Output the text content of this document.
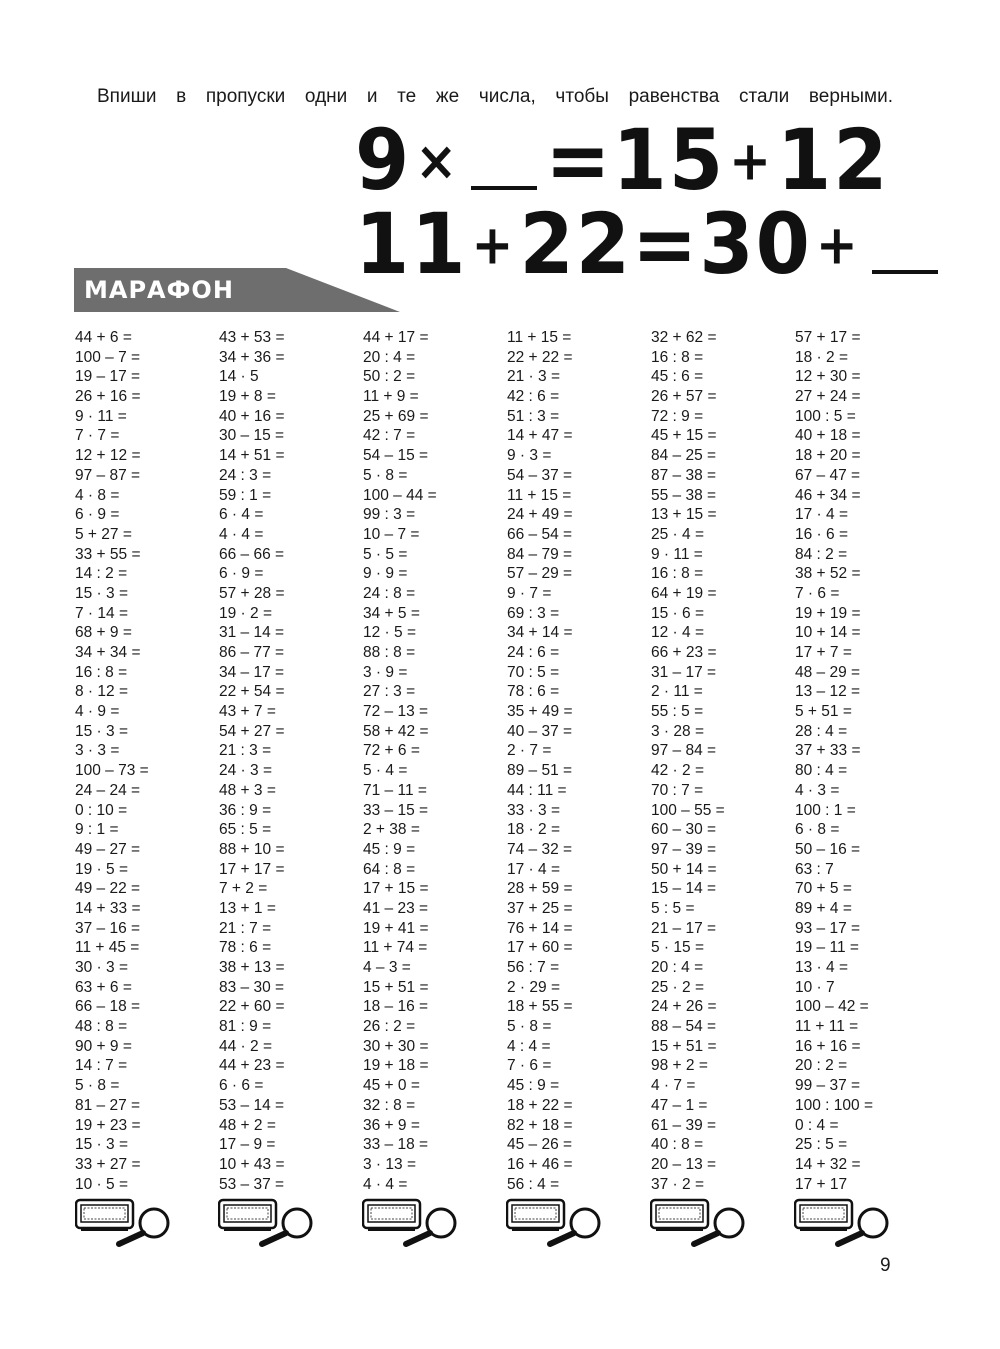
Впиши в пропуски одни и те же числа, чтобы равенства стали верными.
9 × = 15 + 12
11 + 22 = 30 +
МАРАФОН
44 + 6 =
100 – 7 =
19 – 17 =
26 + 16 =
9 · 11 =
7 · 7 =
12 + 12 =
97 – 87 =
4 · 8 =
6 · 9 =
5 + 27 =
33 + 55 =
14 : 2 =
15 · 3 =
7 · 14 =
68 + 9 =
34 + 34 =
16 : 8 =
8 · 12 =
4 · 9 =
15 · 3 =
3 · 3 =
100 – 73 =
24 – 24 =
0 : 10 =
9 : 1 =
49 – 27 =
19 · 5 =
49 – 22 =
14 + 33 =
37 – 16 =
11 + 45 =
30 · 3 =
63 + 6 =
66 – 18 =
48 : 8 =
90 + 9 =
14 : 7 =
5 · 8 =
81 – 27 =
19 + 23 =
15 · 3 =
33 + 27 =
10 · 5 =
43 + 53 =
34 + 36 =
14 · 5
19 + 8 =
40 + 16 =
30 – 15 =
14 + 51 =
24 : 3 =
59 : 1 =
6 · 4 =
4 · 4 =
66 – 66 =
6 · 9 =
57 + 28 =
19 · 2 =
31 – 14 =
86 – 77 =
34 – 17 =
22 + 54 =
43 + 7 =
54 + 27 =
21 : 3 =
24 · 3 =
48 + 3 =
36 : 9 =
65 : 5 =
88 + 10 =
17 + 17 =
7 + 2 =
13 + 1 =
21 : 7 =
78 : 6 =
38 + 13 =
83 – 30 =
22 + 60 =
81 : 9 =
44 · 2 =
44 + 23 =
6 · 6 =
53 – 14 =
48 + 2 =
17 – 9 =
10 + 43 =
53 – 37 =
44 + 17 =
20 : 4 =
50 : 2 =
11 + 9 =
25 + 69 =
42 : 7 =
54 – 15 =
5 · 8 =
100 – 44 =
99 : 3 =
10 – 7 =
5 · 5 =
9 · 9 =
24 : 8 =
34 + 5 =
12 · 5 =
88 : 8 =
3 · 9 =
27 : 3 =
72 – 13 =
58 + 42 =
72 + 6 =
5 · 4 =
71 – 11 =
33 – 15 =
2 + 38 =
45 : 9 =
64 : 8 =
17 + 15 =
41 – 23 =
19 + 41 =
11 + 74 =
4 – 3 =
15 + 51 =
18 – 16 =
26 : 2 =
30 + 30 =
19 + 18 =
45 + 0 =
32 : 8 =
36 + 9 =
33 – 18 =
3 · 13 =
4 · 4 =
11 + 15 =
22 + 22 =
21 · 3 =
42 : 6 =
51 : 3 =
14 + 47 =
9 · 3 =
54 – 37 =
11 + 15 =
24 + 49 =
66 – 54 =
84 – 79 =
57 – 29 =
9 · 7 =
69 : 3 =
34 + 14 =
24 : 6 =
70 : 5 =
78 : 6 =
35 + 49 =
40 – 37 =
2 · 7 =
89 – 51 =
44 : 11 =
33 · 3 =
18 · 2 =
74 – 32 =
17 · 4 =
28 + 59 =
37 + 25 =
76 + 14 =
17 + 60 =
56 : 7 =
2 · 29 =
18 + 55 =
5 · 8 =
4 : 4 =
7 · 6 =
45 : 9 =
18 + 22 =
82 + 18 =
45 – 26 =
16 + 46 =
56 : 4 =
32 + 62 =
16 : 8 =
45 : 6 =
26 + 57 =
72 : 9 =
45 + 15 =
84 – 25 =
87 – 38 =
55 – 38 =
13 + 15 =
25 · 4 =
9 · 11 =
16 : 8 =
64 + 19 =
15 · 6 =
12 · 4 =
66 + 23 =
31 – 17 =
2 · 11 =
55 : 5 =
3 · 28 =
97 – 84 =
42 · 2 =
70 : 7 =
100 – 55 =
60 – 30 =
97 – 39 =
50 + 14 =
15 – 14 =
5 : 5 =
21 – 17 =
5 · 15 =
20 : 4 =
25 · 2 =
24 + 26 =
88 – 54 =
15 + 51 =
98 + 2 =
4 · 7 =
47 – 1 =
61 – 39 =
40 : 8 =
20 – 13 =
37 · 2 =
57 + 17 =
18 · 2 =
12 + 30 =
27 + 24 =
100 : 5 =
40 + 18 =
18 + 20 =
67 – 47 =
46 + 34 =
17 · 4 =
16 · 6 =
84 : 2 =
38 + 52 =
7 · 6 =
19 + 19 =
10 + 14 =
17 + 7 =
48 – 29 =
13 – 12 =
5 + 51 =
28 : 4 =
37 + 33 =
80 : 4 =
4 · 3 =
100 : 1 =
6 · 8 =
50 – 16 =
63 : 7
70 + 5 =
89 + 4 =
93 – 17 =
19 – 11 =
13 · 4 =
10 · 7
100 – 42 =
11 + 11 =
16 + 16 =
20 : 2 =
99 – 37 =
100 : 100 =
0 : 4 =
25 : 5 =
14 + 32 =
17 + 17
9
